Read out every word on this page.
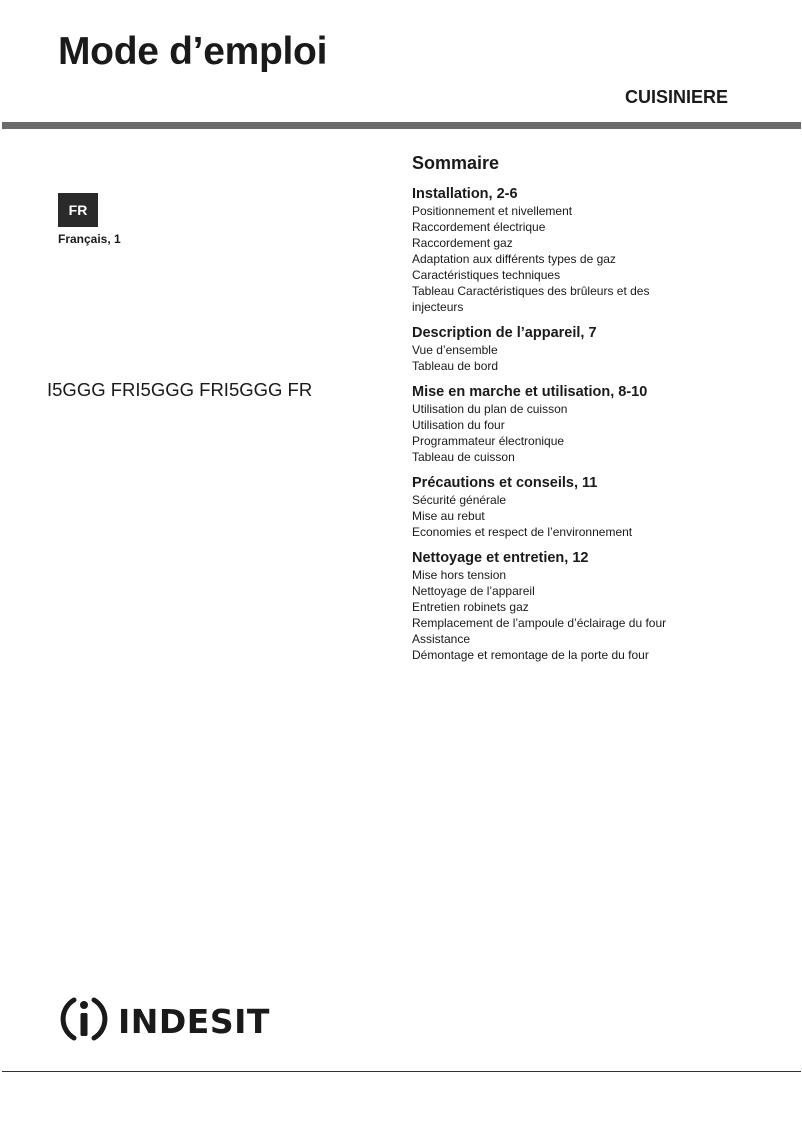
Mode d’emploi
CUISINIERE
FR
Français, 1
I5GGG FRI5GGG FRI5GGG FR
Sommaire
Installation, 2-6
Positionnement et nivellement
Raccordement électrique
Raccordement gaz
Adaptation aux différents types de gaz
Caractéristiques techniques
Tableau Caractéristiques des brûleurs et des injecteurs
Description de l’appareil, 7
Vue d’ensemble
Tableau de bord
Mise en marche et utilisation, 8-10
Utilisation du plan de cuisson
Utilisation du four
Programmateur électronique
Tableau de cuisson
Précautions et conseils, 11
Sécurité générale
Mise au rebut
Economies et respect de l’environnement
Nettoyage et entretien, 12
Mise hors tension
Nettoyage de l’appareil
Entretien robinets gaz
Remplacement de l’ampoule d’éclairage du four
Assistance
Démontage et remontage de la porte du four
INDESIT
